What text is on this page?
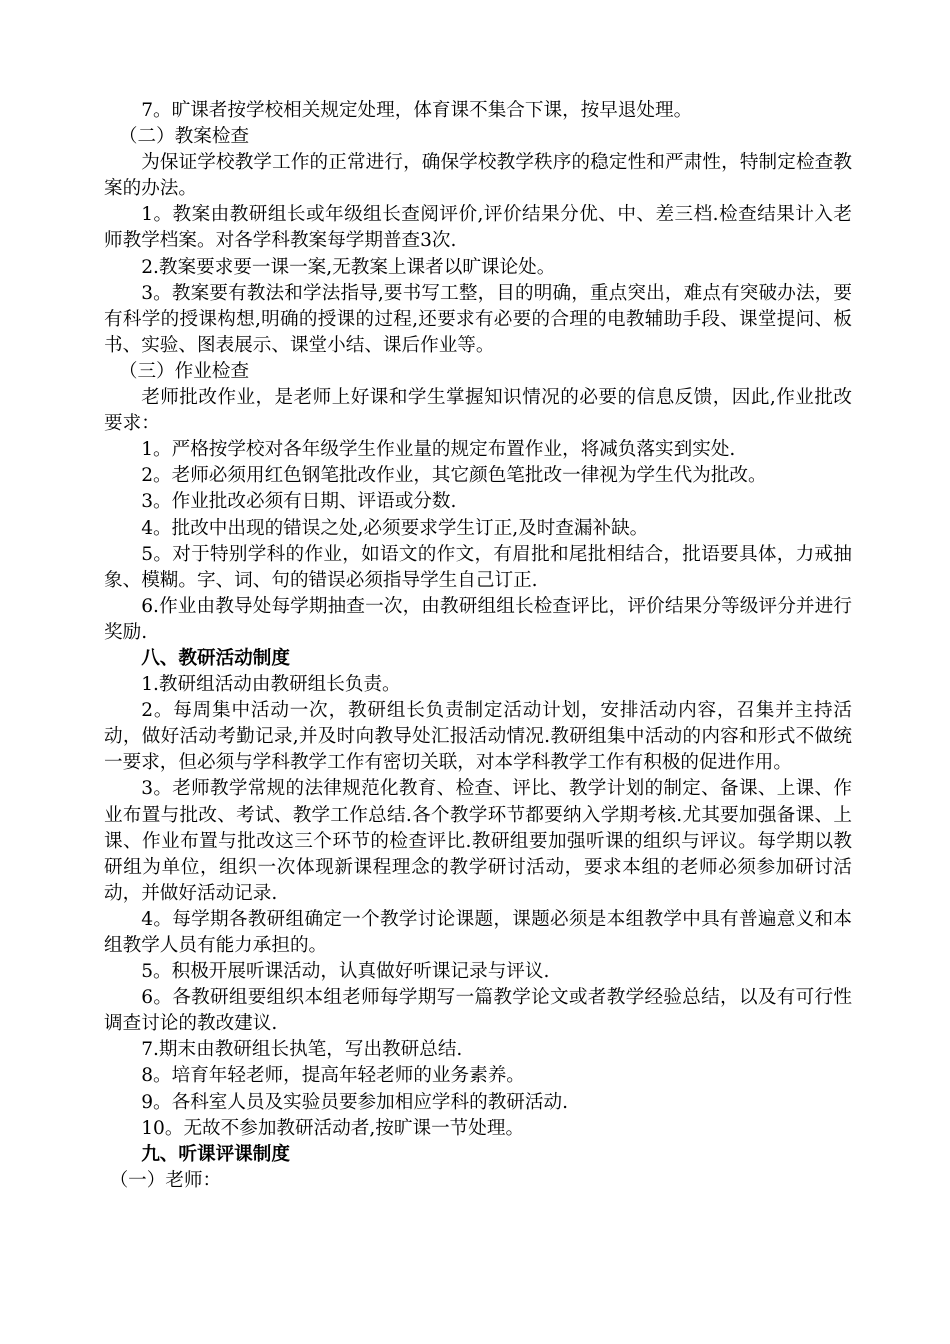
7。旷课者按学校相关规定处理，体育课不集合下课，按早退处理。

（二）教案检查

为保证学校教学工作的正常进行，确保学校教学秩序的稳定性和严肃性，特制定检查教案的办法。

1。教案由教研组长或年级组长查阅评价,评价结果分优、中、差三档.检查结果计入老师教学档案。对各学科教案每学期普查3次.

2.教案要求要一课一案,无教案上课者以旷课论处。

3。教案要有教法和学法指导,要书写工整，目的明确，重点突出，难点有突破办法，要有科学的授课构想,明确的授课的过程,还要求有必要的合理的电教辅助手段、课堂提问、板书、实验、图表展示、课堂小结、课后作业等。

（三）作业检查

老师批改作业，是老师上好课和学生掌握知识情况的必要的信息反馈，因此,作业批改要求：

1。严格按学校对各年级学生作业量的规定布置作业，将减负落实到实处.

2。老师必须用红色钢笔批改作业，其它颜色笔批改一律视为学生代为批改。

3。作业批改必须有日期、评语或分数.

4。批改中出现的错误之处,必须要求学生订正,及时查漏补缺。

5。对于特别学科的作业，如语文的作文，有眉批和尾批相结合，批语要具体，力戒抽象、模糊。字、词、句的错误必须指导学生自己订正.

6.作业由教导处每学期抽查一次，由教研组组长检查评比，评价结果分等级评分并进行奖励.

八、教研活动制度

1.教研组活动由教研组长负责。

2。每周集中活动一次，教研组长负责制定活动计划，安排活动内容，召集并主持活动，做好活动考勤记录,并及时向教导处汇报活动情况.教研组集中活动的内容和形式不做统一要求，但必须与学科教学工作有密切关联，对本学科教学工作有积极的促进作用。

3。老师教学常规的法律规范化教育、检查、评比、教学计划的制定、备课、上课、作业布置与批改、考试、教学工作总结.各个教学环节都要纳入学期考核.尤其要加强备课、上课、作业布置与批改这三个环节的检查评比.教研组要加强听课的组织与评议。每学期以教研组为单位，组织一次体现新课程理念的教学研讨活动，要求本组的老师必须参加研讨活动，并做好活动记录.

4。每学期各教研组确定一个教学讨论课题，课题必须是本组教学中具有普遍意义和本组教学人员有能力承担的。

5。积极开展听课活动，认真做好听课记录与评议.

6。各教研组要组织本组老师每学期写一篇教学论文或者教学经验总结，以及有可行性调查讨论的教改建议.

7.期末由教研组长执笔，写出教研总结.

8。培育年轻老师，提高年轻老师的业务素养。

9。各科室人员及实验员要参加相应学科的教研活动.

10。无故不参加教研活动者,按旷课一节处理。

九、听课评课制度

（一）老师：
